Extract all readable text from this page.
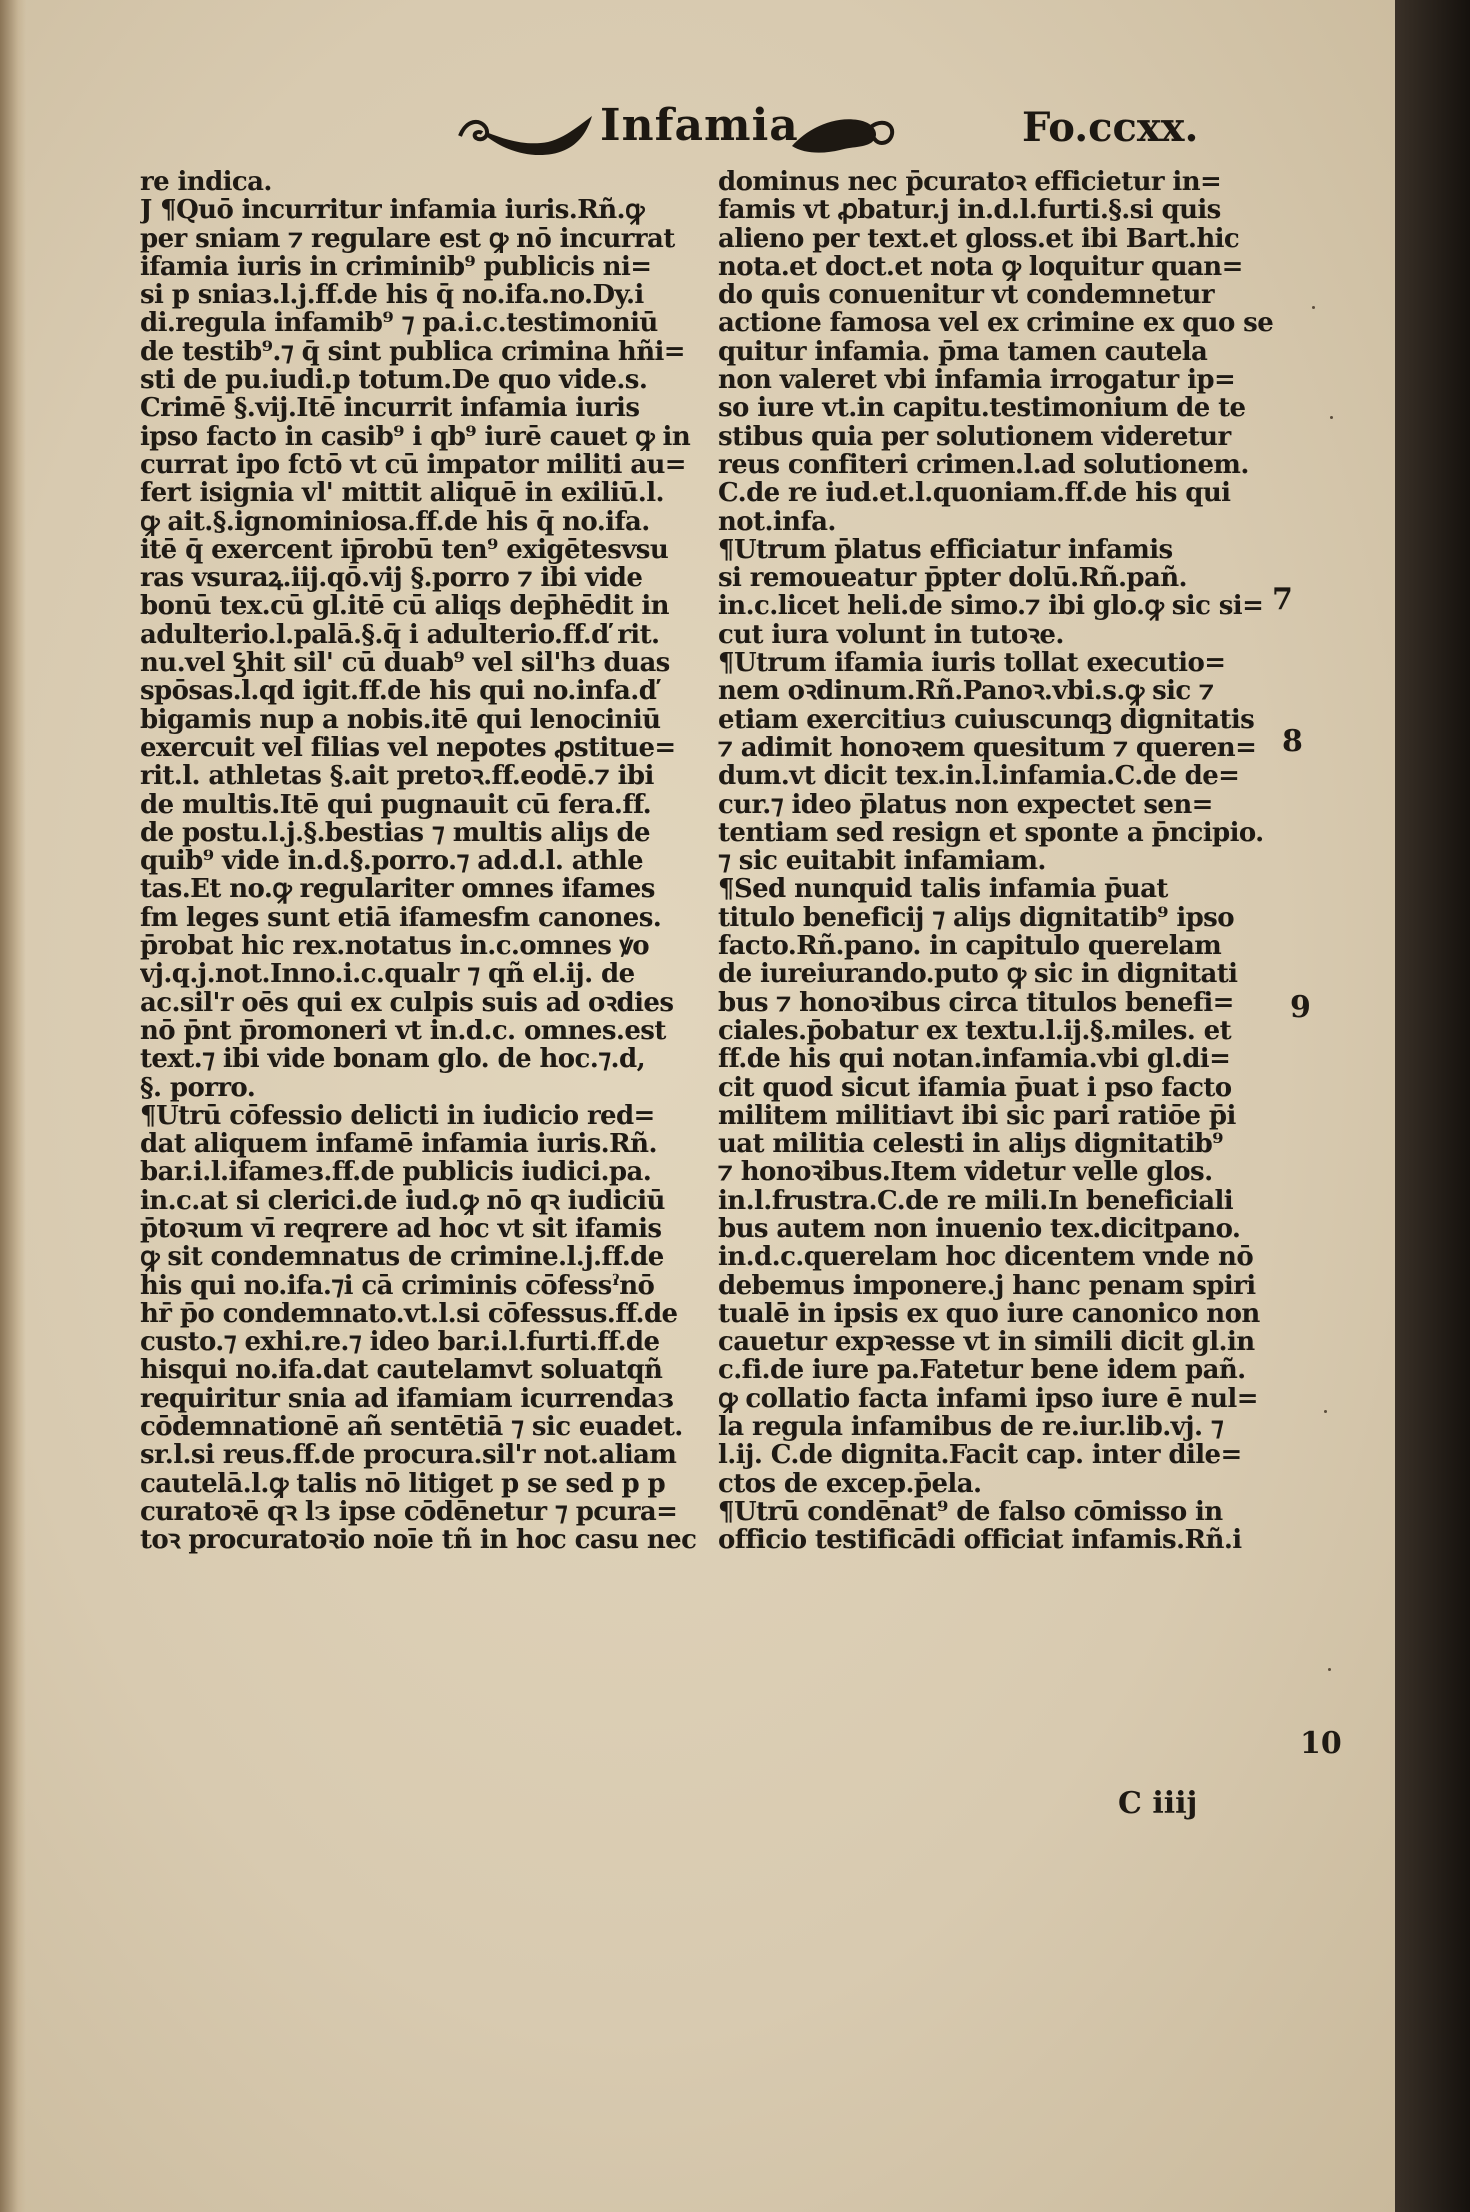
Infamia	Fo.ccxx.
re indica.
J ¶Quō incurritur infamia iuris.Rñ.ꝙ
per sniam ⁊ regulare est ꝙ nō incurrat
ifamia iuris in criminib⁹ publicis ni=
si p sniaз.l.j.ff.de his q̄ no.ifa.no.Dy.i
di.regula infamib⁹ ⁊ pa.i.c.testimoniū
de testib⁹.⁊ q̄ sint publica crimina hñi=
sti de pu.iudi.p totum.De quo vide.s.
Crimē §.vij.Itē incurrit infamia iuris
ipso facto in casib⁹ i qb⁹ iurē cauet ꝙ in
currat ipo fctō vt cū impator militi au=
fert isignia vl' mittit aliquē in exiliū.l.
ꝙ ait.§.ignominiosa.ff.de his q̄ no.ifa.
itē q̄ exercent ip̄robū ten⁹ exigētesvsu
ras vsuraꝝ.iij.qō.vij §.porro ⁊ ibi vide
bonū tex.cū gl.itē cū aliqs dep̄hēdit in
adulterio.l.palā.§.q̄ i adulterio.ff.ď rit.
nu.vel ꝣhit sil' cū duab⁹ vel sil'hз duas
spōsas.l.qd igit.ff.de his qui no.infa.ď
bigamis nup a nobis.itē qui lenociniū
exercuit vel filias vel nepotes ꝓstitue=
rit.l. athletas §.ait pretoꝛ.ff.eodē.⁊ ibi
de multis.Itē qui pugnauit cū fera.ff.
de postu.l.j.§.bestias ⁊ multis aliȷs de
quib⁹ vide in.d.§.porro.⁊ ad.d.l. athle
tas.Et no.ꝙ regulariter omnes ifames
fm leges sunt etiā ifamesfm canones.
p̄robat hic rex.notatus in.c.omnes ꝟo
vj.q.j.not.Inno.i.c.qualr ⁊ qñ el.ij. de
ac.sil'r oēs qui ex culpis suis ad oꝛdies
nō p̄nt p̄romoneri vt in.d.c. omnes.est
text.⁊ ibi vide bonam glo. de hoc.⁊.d,
§. porro.
¶Utrū cōfessio delicti in iudicio red=
dat aliquem infamē infamia iuris.Rñ.
bar.i.l.ifameз.ff.de publicis iudici.pa.
in.c.at si clerici.de iud.ꝙ nō qꝛ iudiciū
p̄toꝛum vī reqrere ad hoc vt sit ifamis
ꝙ sit condemnatus de crimine.l.j.ff.de
his qui no.ifa.⁊i cā criminis cōfessˀnō
hr̄ p̄o condemnato.vt.l.si cōfessus.ff.de
custo.⁊ exhi.re.⁊ ideo bar.i.l.furti.ff.de
hisqui no.ifa.dat cautelamvt soluatqñ
requiritur snia ad ifamiam icurrendaз
cōdemnationē añ sentētiā ⁊ sic euadet.
sr.l.si reus.ff.de procura.sil'r not.aliam
cautelā.l.ꝙ talis nō litiget p se sed p p
curatoꝛē qꝛ lз ipse cōdēnetur ⁊ pcura=
toꝛ procuratoꝛio noīe tñ in hoc casu nec
dominus nec p̄curatoꝛ efficietur in=
famis vt ꝓbatur.j in.d.l.furti.§.si quis
alieno per text.et gloss.et ibi Bart.hic
nota.et doct.et nota ꝙ loquitur quan=
do quis conuenitur vt condemnetur
actione famosa vel ex crimine ex quo se
quitur infamia. p̄ma tamen cautela
non valeret vbi infamia irrogatur ip=
so iure vt.in capitu.testimonium de te
stibus quia per solutionem videretur
reus confiteri crimen.l.ad solutionem.
C.de re iud.et.l.quoniam.ff.de his qui
not.infa.
¶Utrum p̄latus efficiatur infamis
si remoueatur p̄pter dolū.Rñ.pañ.
in.c.licet heli.de simo.⁊ ibi glo.ꝙ sic si=
cut iura volunt in tutoꝛe.
¶Utrum ifamia iuris tollat executio=
nem oꝛdinum.Rñ.Panoꝛ.vbi.s.ꝙ sic ⁊
etiam exercitiuз cuiuscunqꝫ dignitatis
⁊ adimit honoꝛem quesitum ⁊ queren=
dum.vt dicit tex.in.l.infamia.C.de de=
cur.⁊ ideo p̄latus non expectet sen=
tentiam sed resign et sponte a p̄ncipio.
⁊ sic euitabit infamiam.
¶Sed nunquid talis infamia p̄uat
titulo beneficij ⁊ aliȷs dignitatib⁹ ipso
facto.Rñ.pano. in capitulo querelam
de iureiurando.puto ꝙ sic in dignitati
bus ⁊ honoꝛibus circa titulos benefi=
ciales.p̄obatur ex textu.l.ij.§.miles. et
ff.de his qui notan.infamia.vbi gl.di=
cit quod sicut ifamia p̄uat i pso facto
militem militiavt ibi sic pari ratiōe p̄i
uat militia celesti in aliȷs dignitatib⁹
⁊ honoꝛibus.Item videtur velle glos.
in.l.frustra.C.de re mili.In beneficiali
bus autem non inuenio tex.dicitpano.
in.d.c.querelam hoc dicentem vnde nō
debemus imponere.j hanc penam spiri
tualē in ipsis ex quo iure canonico non
cauetur expꝛesse vt in simili dicit gl.in
c.fi.de iure pa.Fatetur bene idem pañ.
ꝙ collatio facta infami ipso iure ē nul=
la regula infamibus de re.iur.lib.vj. ⁊
l.ij. C.de dignita.Facit cap. inter dile=
ctos de excep.p̄ela.
¶Utrū condēnat⁹ de falso cōmisso in
officio testificādi officiat infamis.Rñ.i
7
8
9
10
C iiij
